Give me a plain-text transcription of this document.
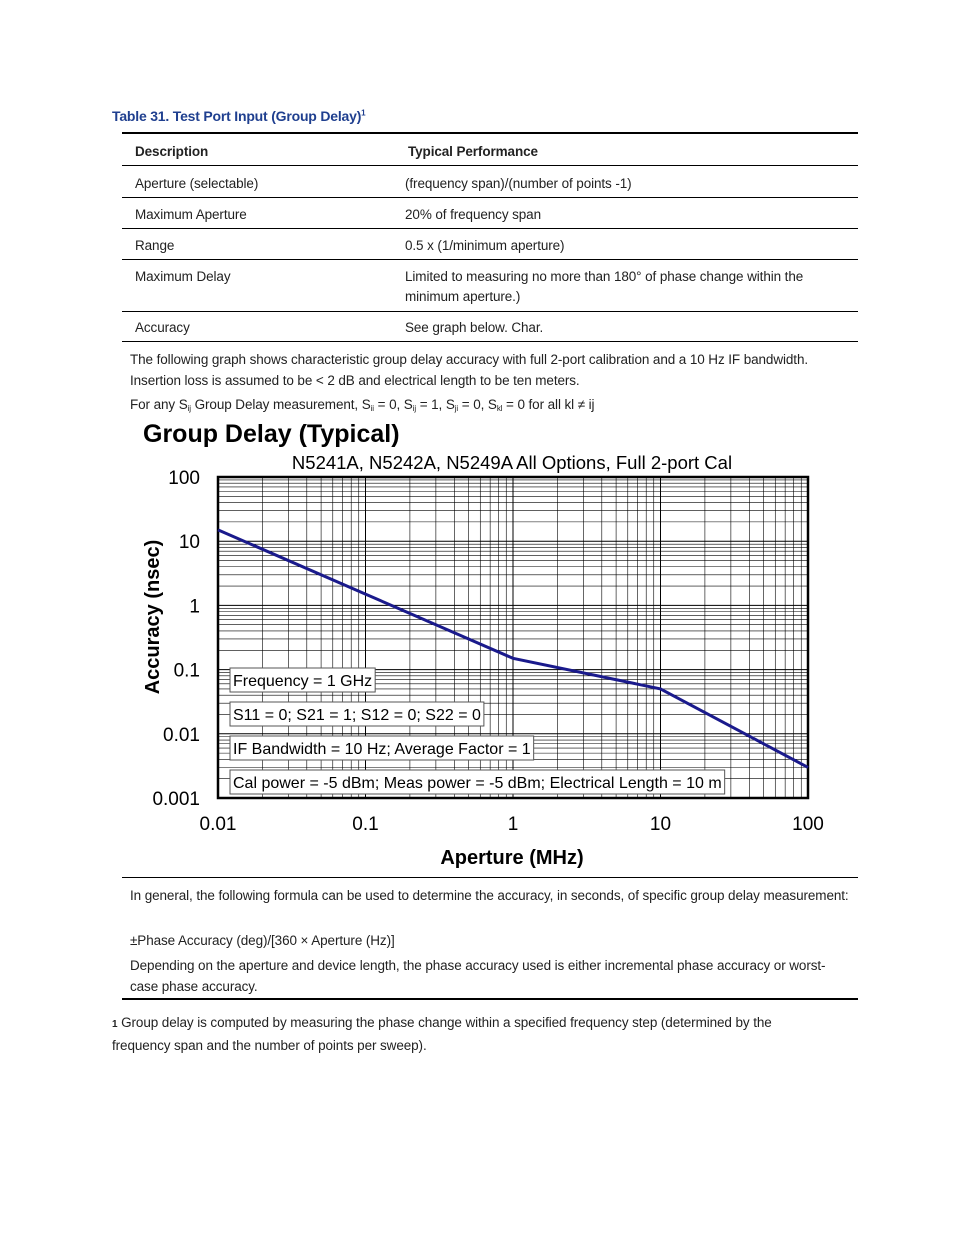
Table 31. Test Port Input (Group Delay)$^1$
Description	Typical Performance
Aperture (selectable)	(frequency span)/(number of points -1)
Maximum Aperture	20% of frequency span
Range	0.5 x (1/minimum aperture)
Maximum Delay	Limited to measuring no more than 180° of phase change within the minimum aperture.)
Accuracy	See graph below. Char.
The following graph shows characteristic group delay accuracy with full 2-port calibration and a 10 Hz IF bandwidth. Insertion loss is assumed to be < 2 dB and electrical length to be ten meters.
For any $S_{ij}$ Group Delay measurement, $S_{ii} = 0$, $S_{ij} = 1$, $S_{ji} = 0$, $S_{kl} = 0$ for all kl ≠ ij
Group Delay (Typical)
N5241A, N5242A, N5249A All Options, Full 2-port Cal
0.01	0.1	1	10	100
100
10
1
0.1
0.01
0.001
Frequency = 1 GHz
S11 = 0; S21 = 1; S12 = 0; S22 = 0
IF Bandwidth = 10 Hz; Average Factor = 1
Cal power = -5 dBm; Meas power = -5 dBm; Electrical Length = 10 m
Aperture (MHz)
Accuracy (nsec)
In general, the following formula can be used to determine the accuracy, in seconds, of specific group delay measurement:
±Phase Accuracy (deg)/[360 × Aperture (Hz)]
Depending on the aperture and device length, the phase accuracy used is either incremental phase accuracy or worst-case phase accuracy.
1 Group delay is computed by measuring the phase change within a specified frequency step (determined by the frequency span and the number of points per sweep).
